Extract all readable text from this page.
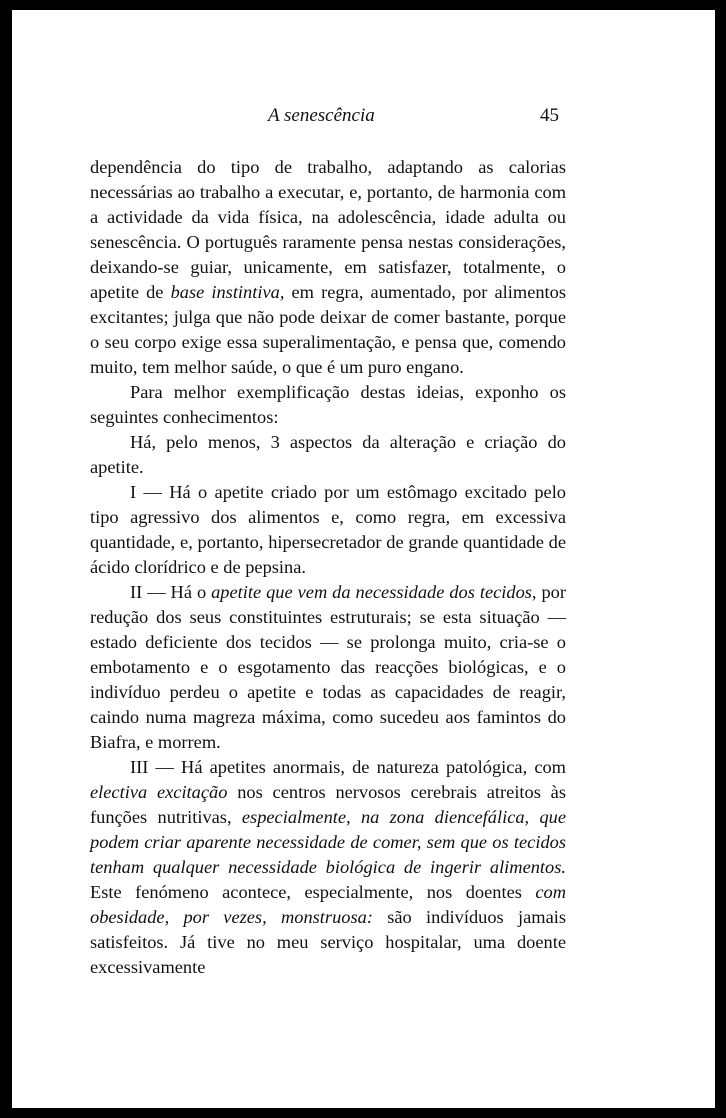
A senescência	45

dependência do tipo de trabalho, adaptando as calorias necessárias ao trabalho a executar, e, portanto, de harmonia com a actividade da vida física, na adolescência, idade adulta ou senescência. O português raramente pensa nestas considerações, deixando-se guiar, unicamente, em satisfazer, totalmente, o apetite de base instintiva, em regra, aumentado, por alimentos excitantes; julga que não pode deixar de comer bastante, porque o seu corpo exige essa superalimentação, e pensa que, comendo muito, tem melhor saúde, o que é um puro engano.

Para melhor exemplificação destas ideias, exponho os seguintes conhecimentos:

Há, pelo menos, 3 aspectos da alteração e criação do apetite.

I — Há o apetite criado por um estômago excitado pelo tipo agressivo dos alimentos e, como regra, em excessiva quantidade, e, portanto, hipersecretador de grande quantidade de ácido clorídrico e de pepsina.

II — Há o apetite que vem da necessidade dos tecidos, por redução dos seus constituintes estruturais; se esta situação — estado deficiente dos tecidos — se prolonga muito, cria-se o embotamento e o esgotamento das reacções biológicas, e o indivíduo perdeu o apetite e todas as capacidades de reagir, caindo numa magreza máxima, como sucedeu aos famintos do Biafra, e morrem.

III — Há apetites anormais, de natureza patológica, com electiva excitação nos centros nervosos cerebrais atreitos às funções nutritivas, especialmente, na zona diencefálica, que podem criar aparente necessidade de comer, sem que os tecidos tenham qualquer necessidade biológica de ingerir alimentos. Este fenómeno acontece, especialmente, nos doentes com obesidade, por vezes, monstruosa: são indivíduos jamais satisfeitos. Já tive no meu serviço hospitalar, uma doente excessivamente
